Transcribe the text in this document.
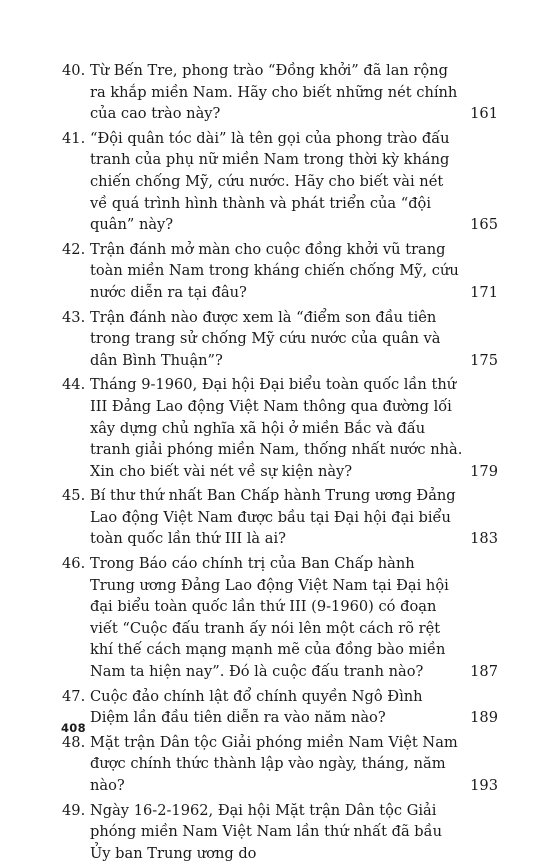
40. Từ Bến Tre, phong trào “Đồng khởi” đã lan rộng ra khắp miền Nam. Hãy cho biết những nét chính của cao trào này?	161
41. “Đội quân tóc dài” là tên gọi của phong trào đấu tranh của phụ nữ miền Nam trong thời kỳ kháng chiến chống Mỹ, cứu nước. Hãy cho biết vài nét về quá trình hình thành và phát triển của “đội quân” này?	165
42. Trận đánh mở màn cho cuộc đồng khởi vũ trang toàn miền Nam trong kháng chiến chống Mỹ, cứu nước diễn ra tại đâu?	171
43. Trận đánh nào được xem là “điểm son đầu tiên trong trang sử chống Mỹ cứu nước của quân và dân Bình Thuận”?	175
44. Tháng 9-1960, Đại hội Đại biểu toàn quốc lần thứ III Đảng Lao động Việt Nam thông qua đường lối xây dựng chủ nghĩa xã hội ở miền Bắc và đấu tranh giải phóng miền Nam, thống nhất nước nhà. Xin cho biết vài nét về sự kiện này?	179
45. Bí thư thứ nhất Ban Chấp hành Trung ương Đảng Lao động Việt Nam được bầu tại Đại hội đại biểu toàn quốc lần thứ III là ai?	183
46. Trong Báo cáo chính trị của Ban Chấp hành Trung ương Đảng Lao động Việt Nam tại Đại hội đại biểu toàn quốc lần thứ III (9-1960) có đoạn viết “Cuộc đấu tranh ấy nói lên một cách rõ rệt khí thế cách mạng mạnh mẽ của đồng bào miền Nam ta hiện nay”. Đó là cuộc đấu tranh nào?	187
47. Cuộc đảo chính lật đổ chính quyền Ngô Đình Diệm lần đầu tiên diễn ra vào năm nào?	189
48. Mặt trận Dân tộc Giải phóng miền Nam Việt Nam được chính thức thành lập vào ngày, tháng, năm nào?	193
49. Ngày 16-2-1962, Đại hội Mặt trận Dân tộc Giải phóng miền Nam Việt Nam lần thứ nhất đã bầu Ủy ban Trung ương do
408
